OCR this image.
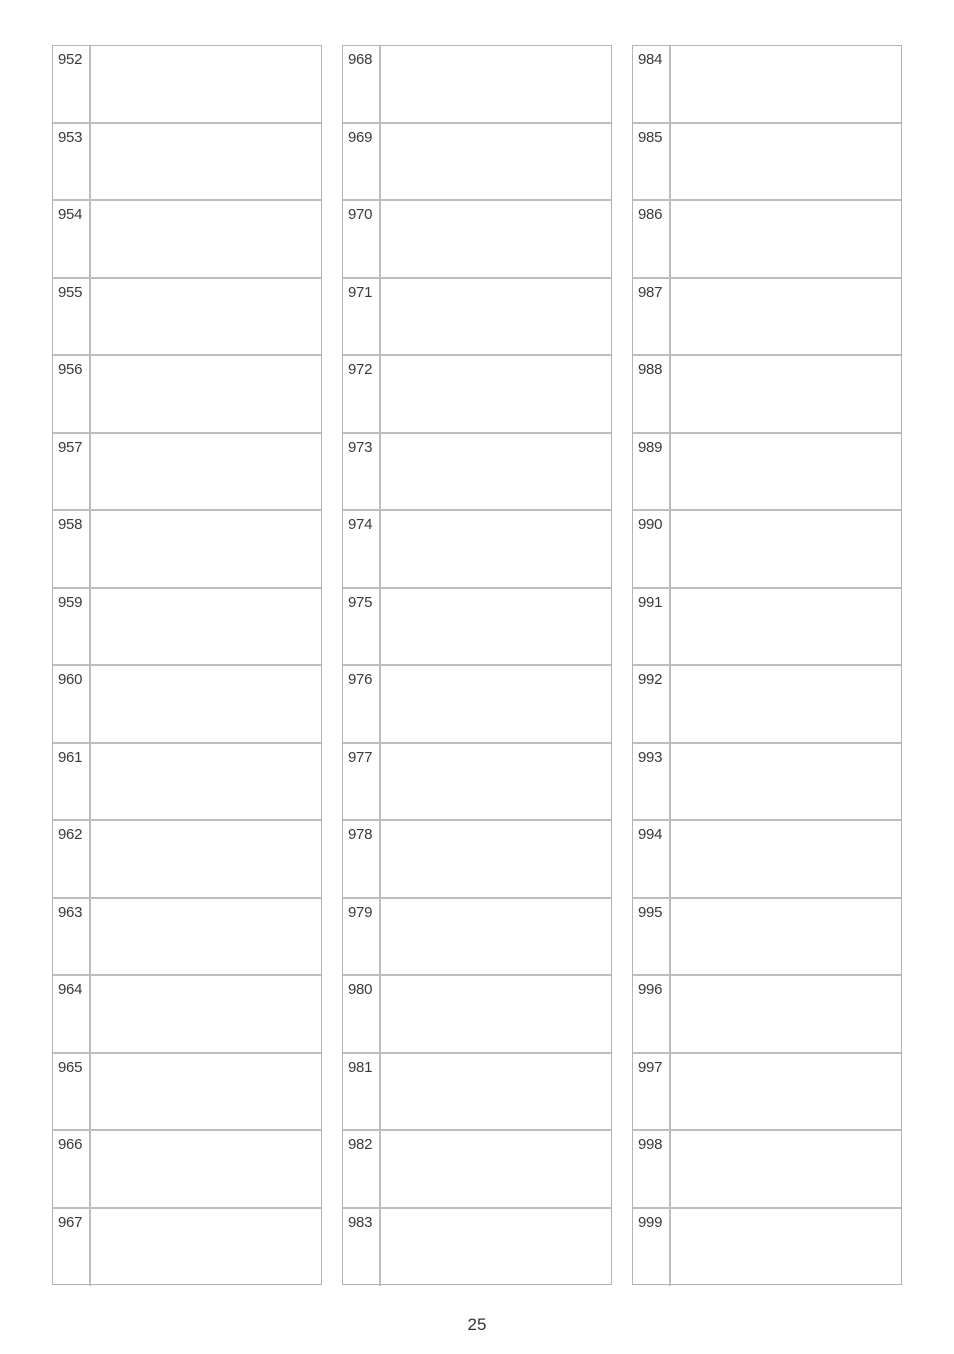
952
953
954
955
956
957
958
959
960
961
962
963
964
965
966
967
968
969
970
971
972
973
974
975
976
977
978
979
980
981
982
983
984
985
986
987
988
989
990
991
992
993
994
995
996
997
998
999
25
